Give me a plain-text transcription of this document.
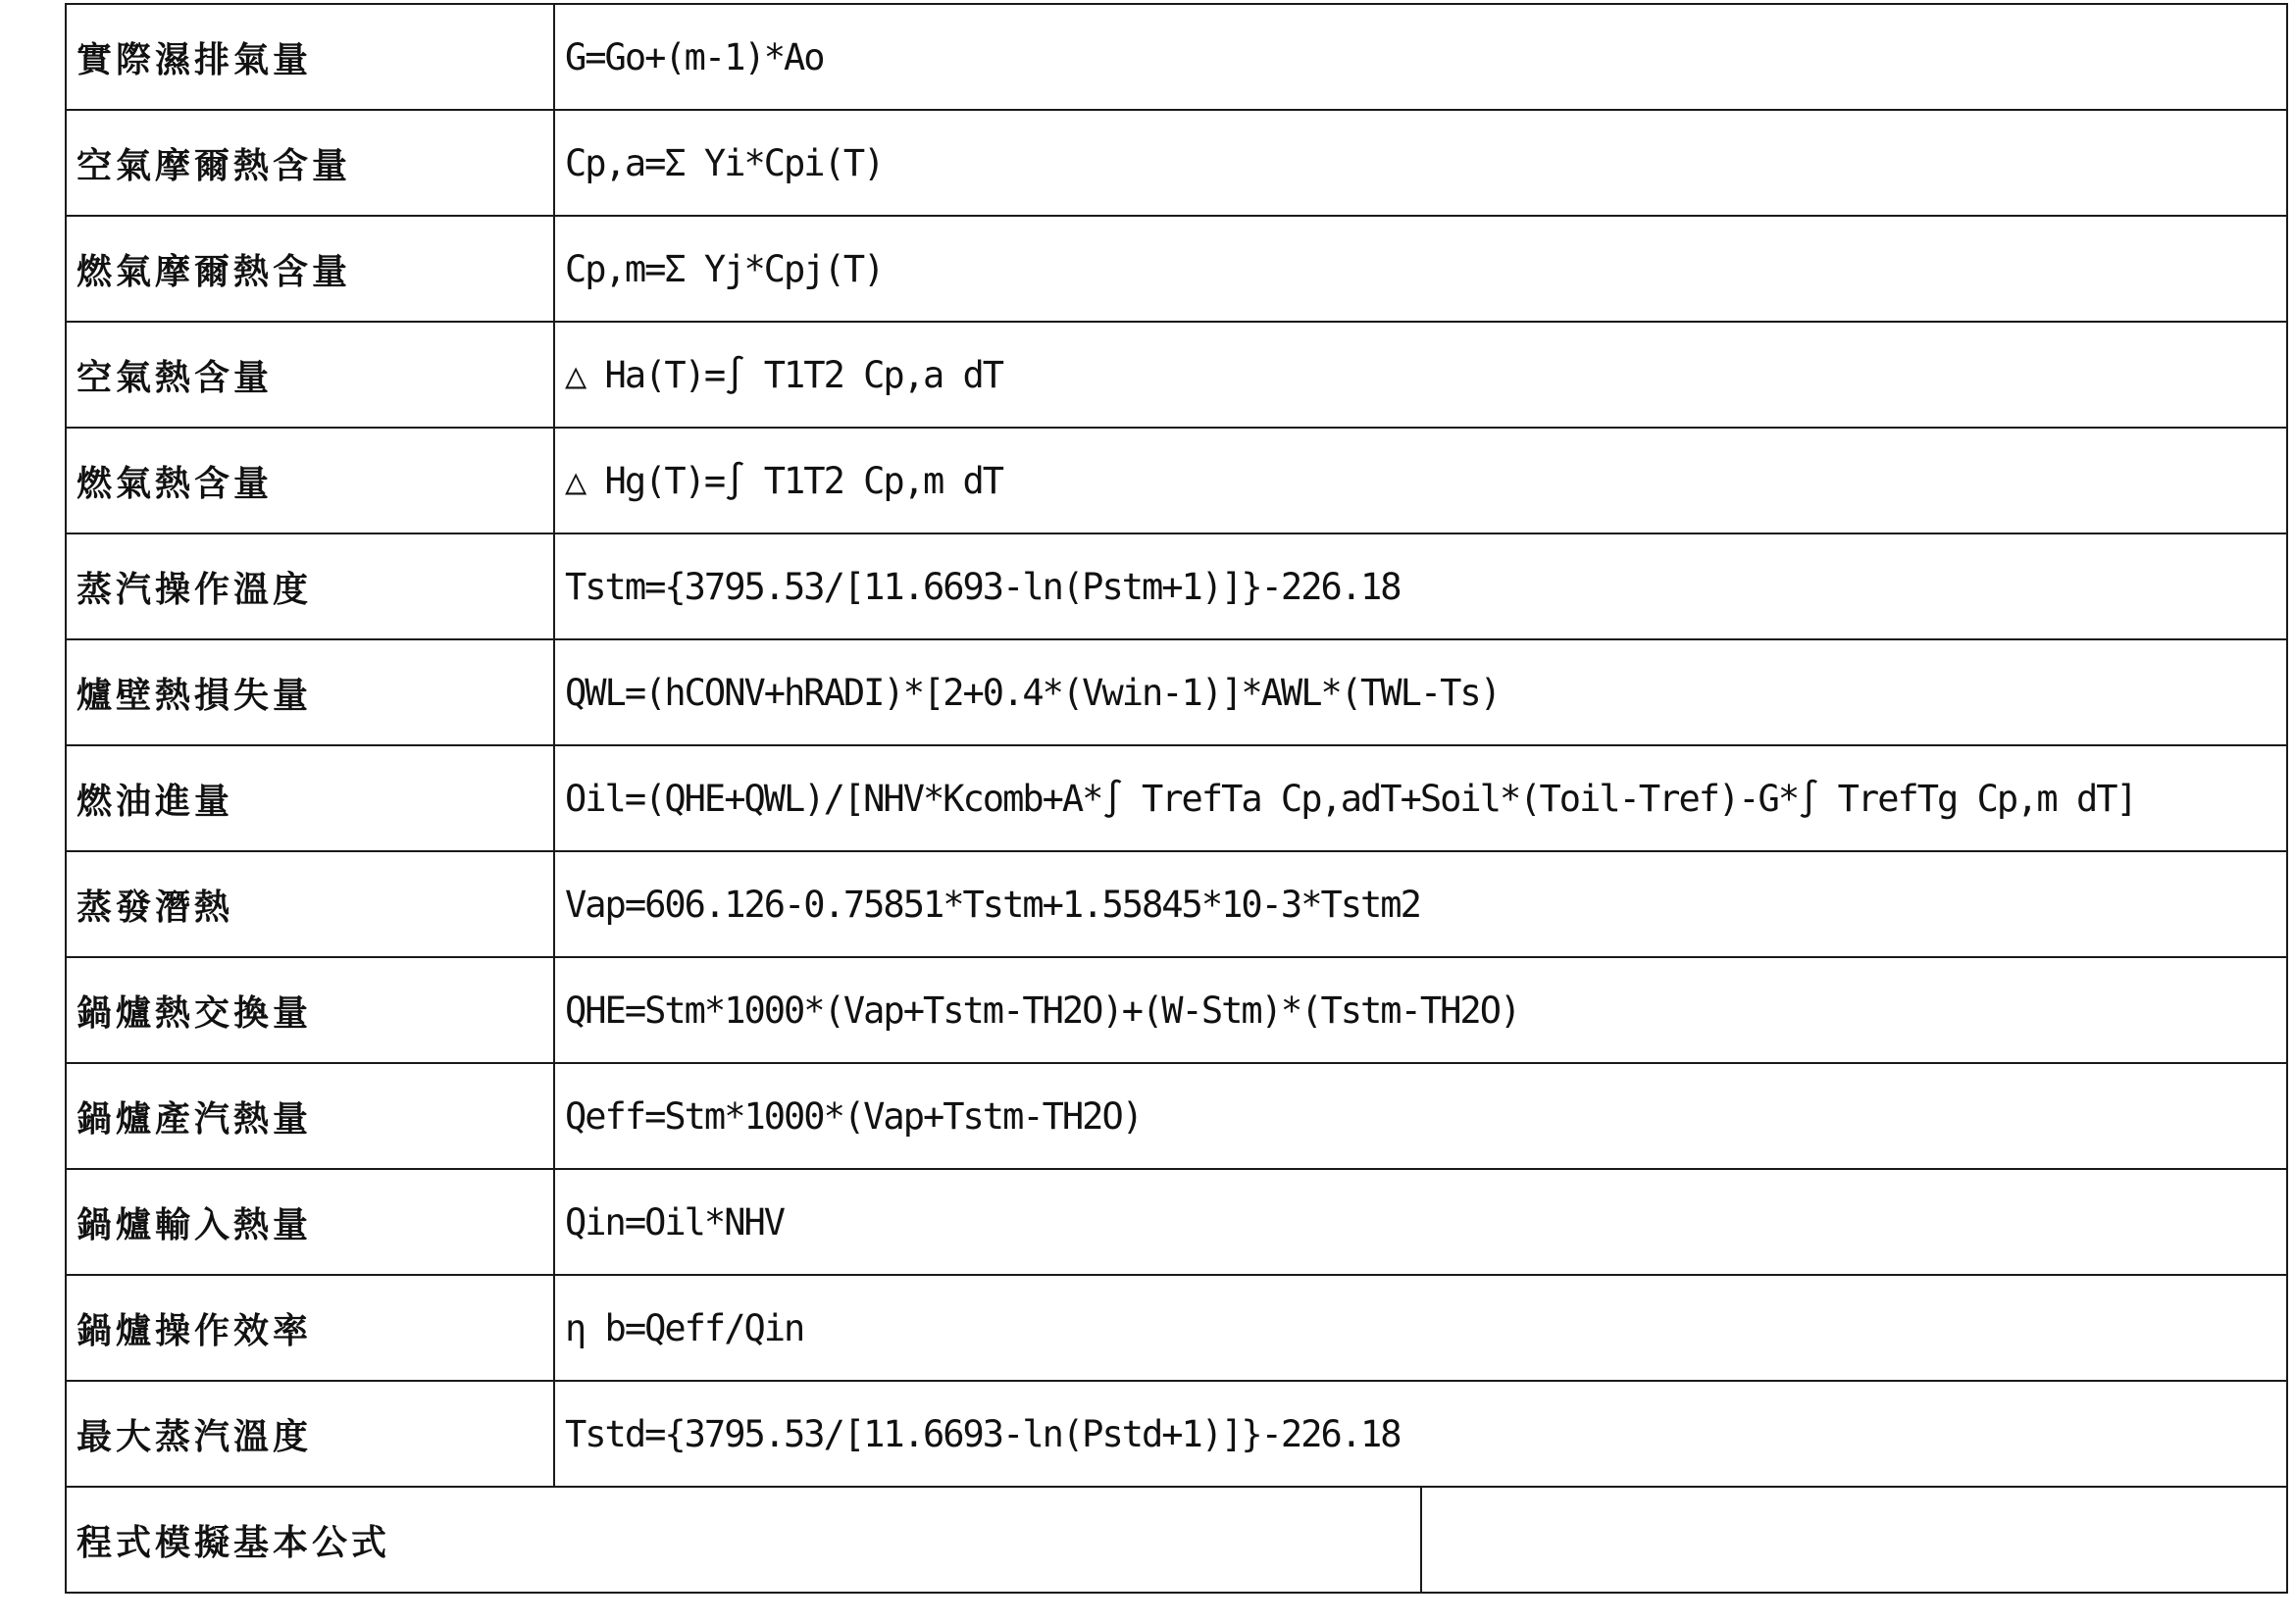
實際濕排氣量	G=Go+(m-1)*Ao	
空氣摩爾熱含量	Cp,a=Σ Yi*Cpi(T)	
燃氣摩爾熱含量	Cp,m=Σ Yj*Cpj(T)	
空氣熱含量	△ Ha(T)=∫ T1T2 Cp,a dT	
燃氣熱含量	△ Hg(T)=∫ T1T2 Cp,m dT	
蒸汽操作溫度	Tstm={3795.53/[11.6693-ln(Pstm+1)]}-226.18	
爐壁熱損失量	QWL=(hCONV+hRADI)*[2+0.4*(Vwin-1)]*AWL*(TWL-Ts)	
燃油進量	Oil=(QHE+QWL)/[NHV*Kcomb+A*∫ TrefTa Cp,adT+Soil*(Toil-Tref)-G*∫ TrefTg Cp,m dT]	
蒸發潛熱	Vap=606.126-0.75851*Tstm+1.55845*10-3*Tstm2	
鍋爐熱交換量	QHE=Stm*1000*(Vap+Tstm-TH2O)+(W-Stm)*(Tstm-TH2O)	
鍋爐產汽熱量	Qeff=Stm*1000*(Vap+Tstm-TH2O)	
鍋爐輸入熱量	Qin=Oil*NHV	
鍋爐操作效率	η b=Qeff/Qin	
最大蒸汽溫度	Tstd={3795.53/[11.6693-ln(Pstd+1)]}-226.18	
程式模擬基本公式		
